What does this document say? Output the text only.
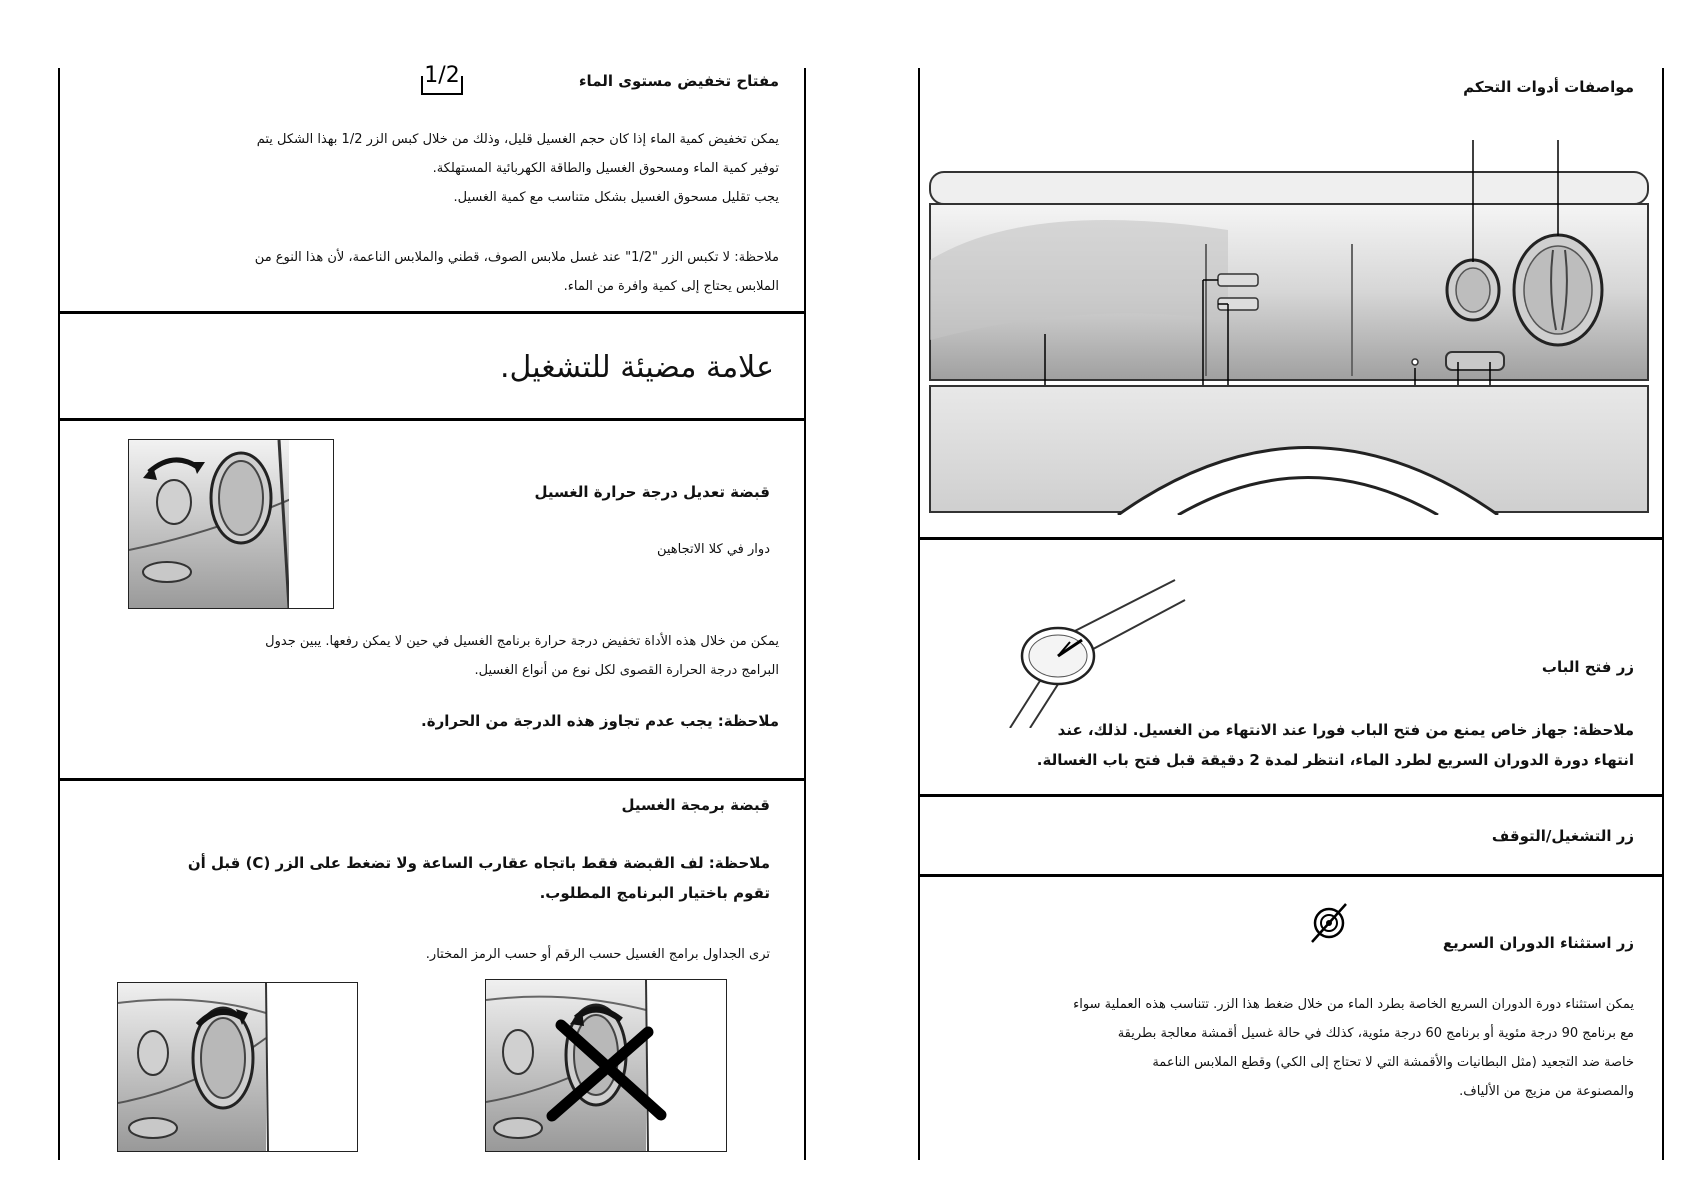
مفتاح تخفيض مستوى الماء

1/2
يمكن تخفيض كمية الماء إذا كان حجم الغسيل قليل، وذلك من خلال كبس الزر 1/2 بهذا الشكل يتم
توفير كمية الماء ومسحوق الغسيل والطاقة الكهربائية المستهلكة.
يجب تقليل مسحوق الغسيل بشكل متناسب مع كمية الغسيل.
ملاحظة: لا تكبس الزر "1/2" عند غسل ملابس الصوف، قطني والملابس الناعمة، لأن هذا النوع من
الملابس يحتاج إلى كمية وافرة من الماء.

علامة مضيئة للتشغيل.

قبضة تعديل درجة حرارة الغسيل

دوار في كلا الاتجاهين

يمكن من خلال هذه الأداة تخفيض درجة حرارة برنامج الغسيل في حين لا يمكن رفعها. يبين جدول
البرامج درجة الحرارة القصوى لكل نوع من أنواع الغسيل.

ملاحظة: يجب عدم تجاوز هذه الدرجة من الحرارة.

قبضة برمجة الغسيل

ملاحظة: لف القبضة فقط باتجاه عقارب الساعة ولا تضغط على الزر (C) قبل أن
تقوم باختيار البرنامج المطلوب.

ترى الجداول برامج الغسيل حسب الرقم أو حسب الرمز المختار.

مواصفات أدوات التحكم

زر فتح الباب

ملاحظة: جهاز خاص يمنع من فتح الباب فورا عند الانتهاء من الغسيل. لذلك، عند
انتهاء دورة الدوران السريع لطرد الماء، انتظر لمدة 2 دقيقة قبل فتح باب الغسالة.

زر التشغيل/التوقف

زر استثناء الدوران السريع

يمكن استثناء دورة الدوران السريع الخاصة بطرد الماء من خلال ضغط هذا الزر. تتناسب هذه العملية سواء
مع برنامج 90 درجة مئوية أو برنامج 60 درجة مئوية، كذلك في حالة غسيل أقمشة معالجة بطريقة
خاصة ضد التجعيد (مثل البطانيات والأقمشة التي لا تحتاج إلى الكي) وقطع الملابس الناعمة
والمصنوعة من مزيج من الألياف.
